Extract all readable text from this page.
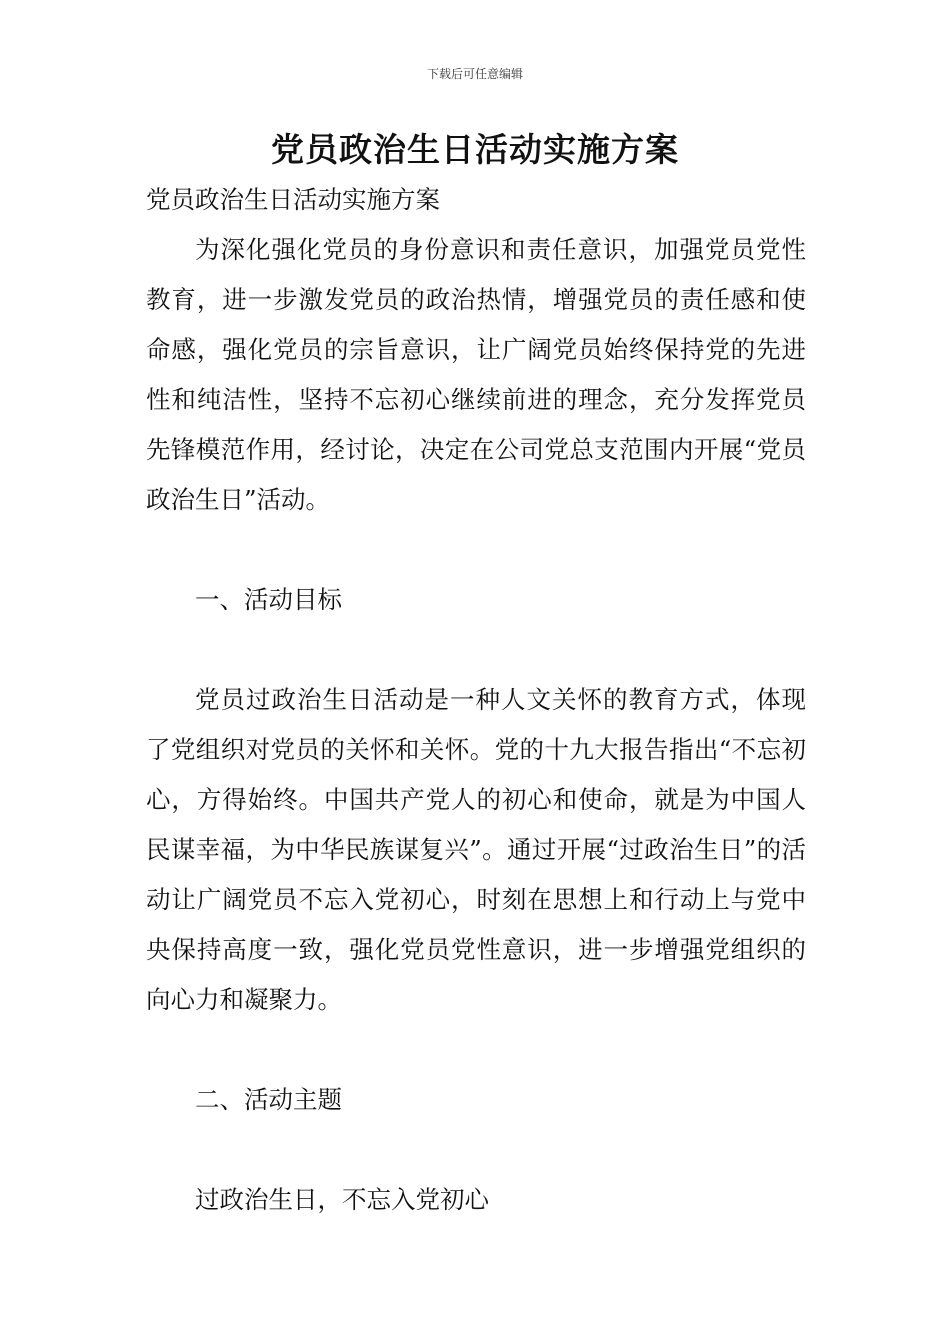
下载后可任意编辑
党员政治生日活动实施方案

党员政治生日活动实施方案

为深化强化党员的身份意识和责任意识，加强党员党性教育，进一步激发党员的政治热情，增强党员的责任感和使命感，强化党员的宗旨意识，让广阔党员始终保持党的先进性和纯洁性，坚持不忘初心继续前进的理念，充分发挥党员先锋模范作用，经讨论，决定在公司党总支范围内开展“党员政治生日”活动。

一、活动目标

党员过政治生日活动是一种人文关怀的教育方式，体现了党组织对党员的关怀和关怀。党的十九大报告指出“不忘初心，方得始终。中国共产党人的初心和使命，就是为中国人民谋幸福，为中华民族谋复兴”。通过开展“过政治生日”的活动让广阔党员不忘入党初心，时刻在思想上和行动上与党中央保持高度一致，强化党员党性意识，进一步增强党组织的向心力和凝聚力。

二、活动主题

过政治生日，不忘入党初心
